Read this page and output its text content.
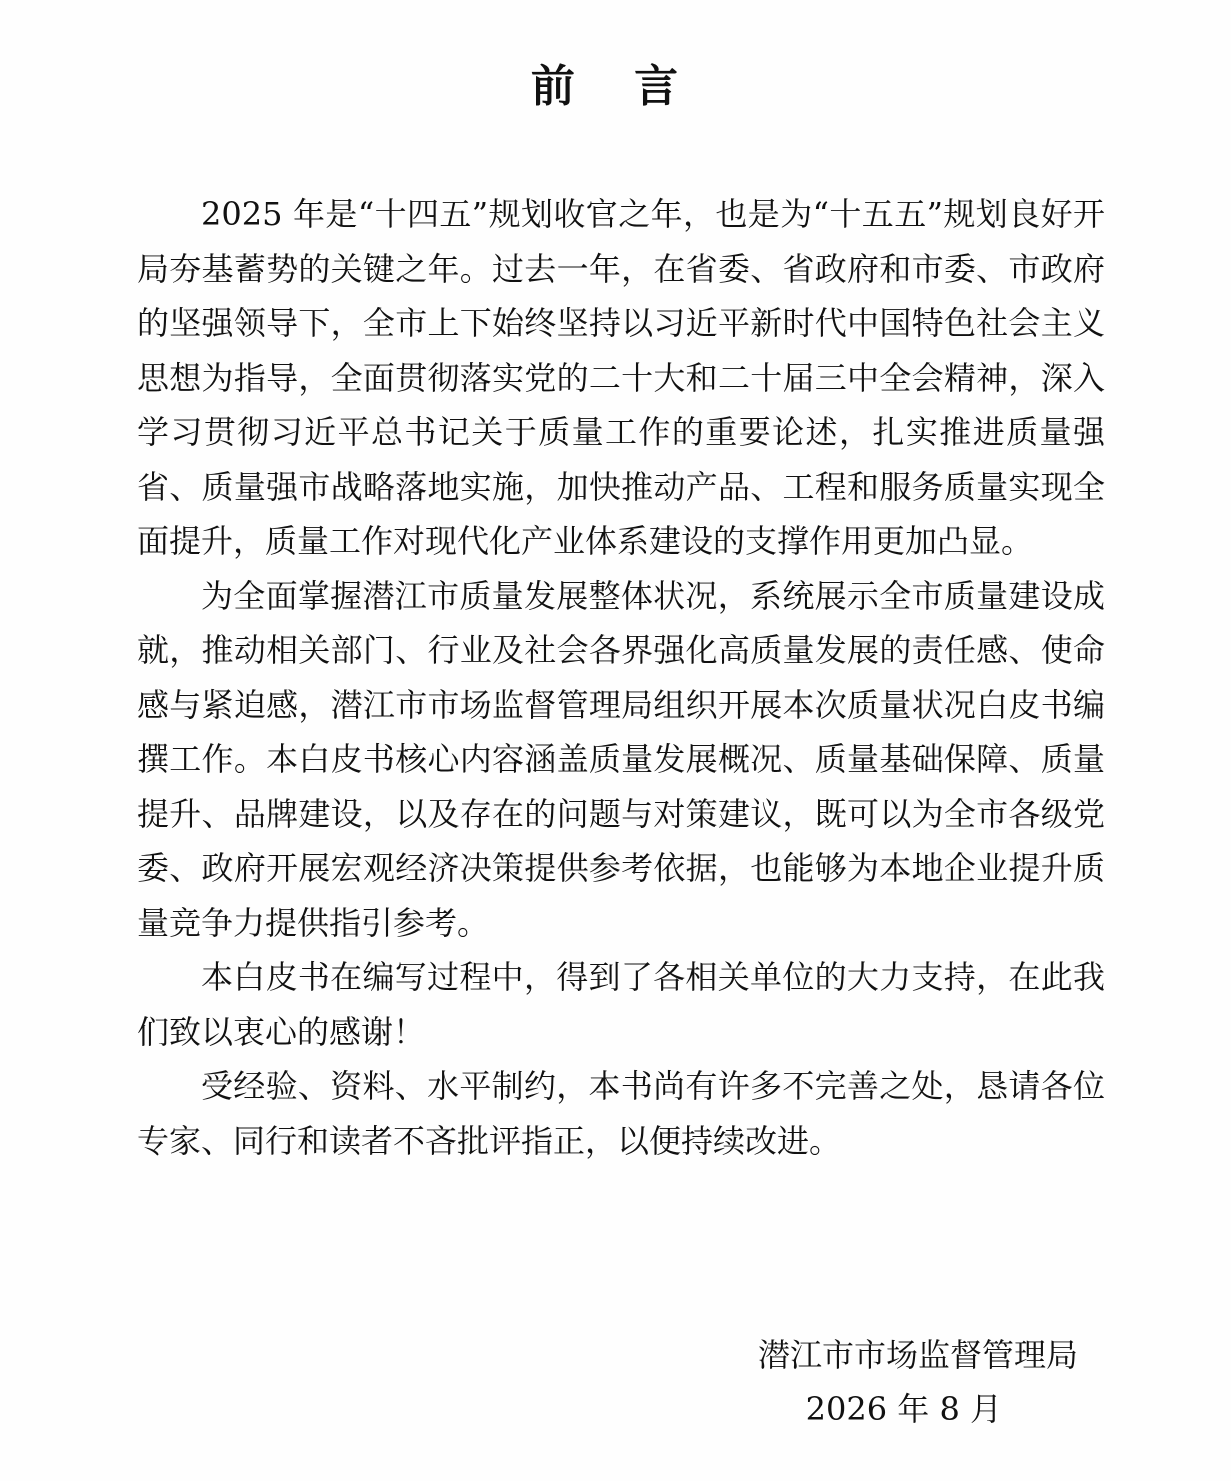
前 言

2025 年是“十四五”规划收官之年，也是为“十五五”规划良好开局夯基蓄势的关键之年。过去一年，在省委、省政府和市委、市政府的坚强领导下，全市上下始终坚持以习近平新时代中国特色社会主义思想为指导，全面贯彻落实党的二十大和二十届三中全会精神，深入学习贯彻习近平总书记关于质量工作的重要论述，扎实推进质量强省、质量强市战略落地实施，加快推动产品、工程和服务质量实现全面提升，质量工作对现代化产业体系建设的支撑作用更加凸显。

为全面掌握潜江市质量发展整体状况，系统展示全市质量建设成就，推动相关部门、行业及社会各界强化高质量发展的责任感、使命感与紧迫感，潜江市市场监督管理局组织开展本次质量状况白皮书编撰工作。本白皮书核心内容涵盖质量发展概况、质量基础保障、质量提升、品牌建设，以及存在的问题与对策建议，既可以为全市各级党委、政府开展宏观经济决策提供参考依据，也能够为本地企业提升质量竞争力提供指引参考。

本白皮书在编写过程中，得到了各相关单位的大力支持，在此我们致以衷心的感谢！

受经验、资料、水平制约，本书尚有许多不完善之处，恳请各位专家、同行和读者不吝批评指正，以便持续改进。

潜江市市场监督管理局
2026 年 8 月
